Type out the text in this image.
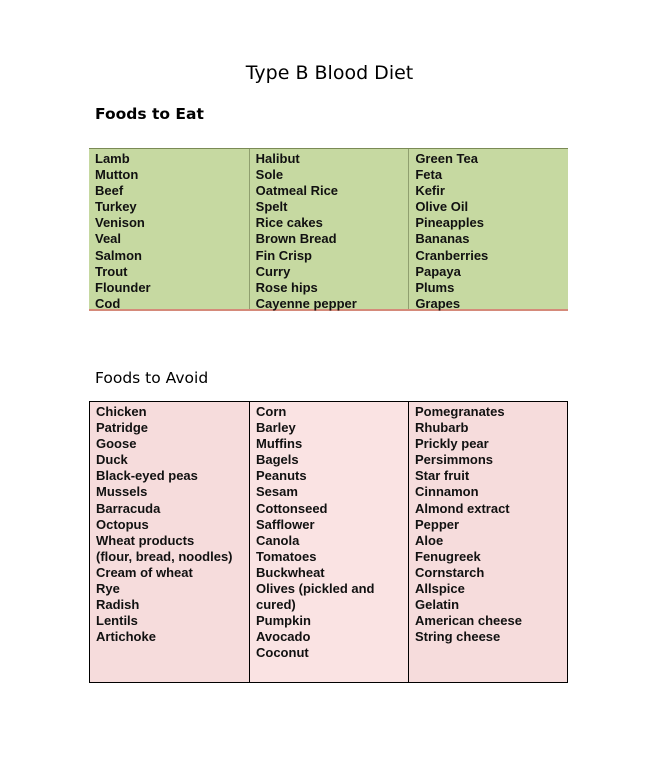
Type B Blood Diet
Foods to Eat
Lamb
Mutton
Beef
Turkey
Venison
Veal
Salmon
Trout
Flounder
Cod
Halibut
Sole
Oatmeal Rice
Spelt
Rice cakes
Brown Bread
Fin Crisp
Curry
Rose hips
Cayenne pepper
Green Tea
Feta
Kefir
Olive Oil
Pineapples
Bananas
Cranberries
Papaya
Plums
Grapes
Foods to Avoid
Chicken
Patridge
Goose
Duck
Black-eyed peas
Mussels
Barracuda
Octopus
Wheat products
(flour, bread, noodles)
Cream of wheat
Rye
Radish
Lentils
Artichoke
Corn
Barley
Muffins
Bagels
Peanuts
Sesam
Cottonseed
Safflower
Canola
Tomatoes
Buckwheat
Olives (pickled and
cured)
Pumpkin
Avocado
Coconut
Pomegranates
Rhubarb
Prickly pear
Persimmons
Star fruit
Cinnamon
Almond extract
Pepper
Aloe
Fenugreek
Cornstarch
Allspice
Gelatin
American cheese
String cheese
